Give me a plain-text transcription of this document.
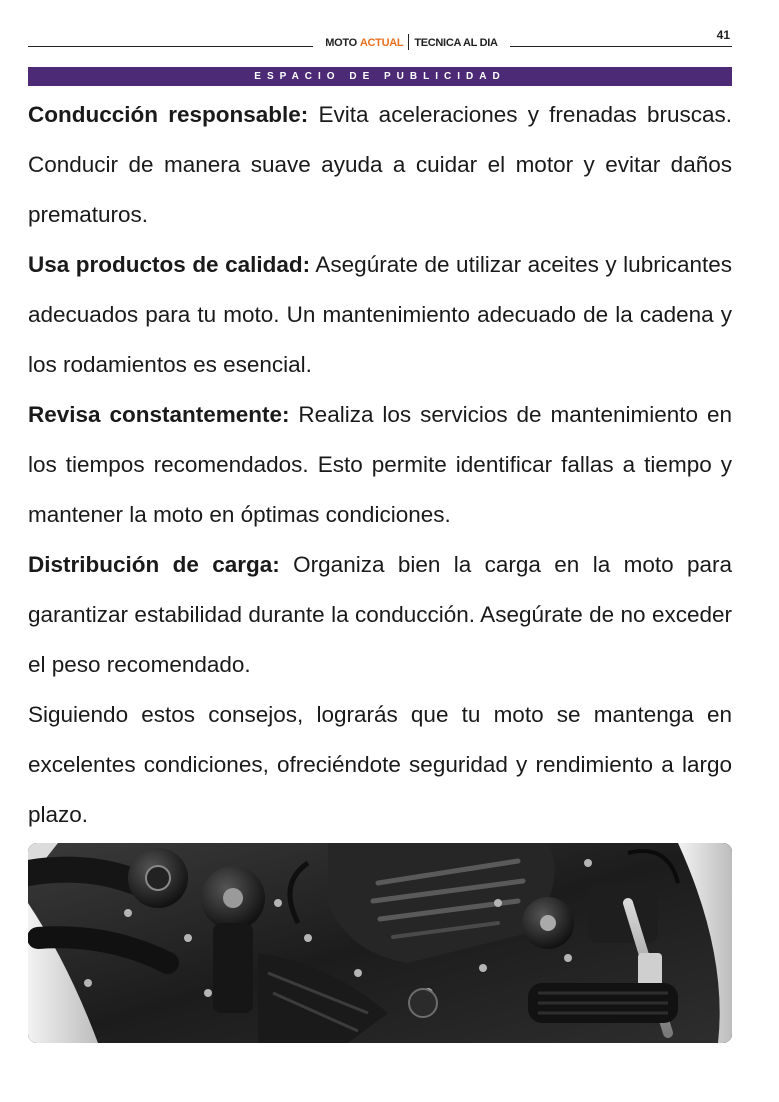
MOTO ACTUAL TECNICA AL DIA
41
ESPACIO DE PUBLICIDAD

Conducción responsable: Evita aceleraciones y frenadas bruscas. Conducir de manera suave ayuda a cuidar el motor y evitar daños prematuros.

Usa productos de calidad: Asegúrate de utilizar aceites y lubricantes adecuados para tu moto. Un mantenimiento adecuado de la cadena y los rodamientos es esencial.

Revisa constantemente: Realiza los servicios de mantenimiento en los tiempos recomendados. Esto permite identificar fallas a tiempo y mantener la moto en óptimas condiciones.

Distribución de carga: Organiza bien la carga en la moto para garantizar estabilidad durante la conducción. Asegúrate de no exceder el peso recomendado.

Siguiendo estos consejos, lograrás que tu moto se mantenga en excelentes condiciones, ofreciéndote seguridad y rendimiento a largo plazo.
